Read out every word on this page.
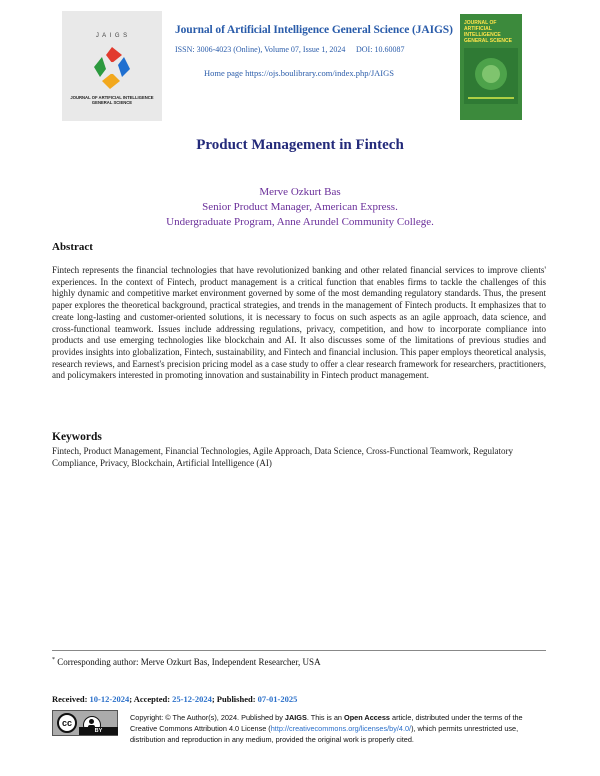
J A I G S
JOURNAL OF ARTIFICIAL INTELLIGENCE GENERAL SCIENCE
Journal of Artificial Intelligence General Science (JAIGS)
ISSN: 3006-4023 (Online), Volume 07, Issue 1, 2024 DOI: 10.60087
Home page https://ojs.boulibrary.com/index.php/JAIGS
JOURNAL OF ARTIFICIAL INTELLIGENCE GENERAL SCIENCE
Product Management in Fintech
Merve Ozkurt Bas
Senior Product Manager, American Express.
Undergraduate Program, Anne Arundel Community College.
Abstract
Fintech represents the financial technologies that have revolutionized banking and other related financial services to improve clients' experiences. In the context of Fintech, product management is a critical function that enables firms to tackle the challenges of this highly dynamic and competitive market environment governed by some of the most demanding regulatory standards. Thus, the present paper explores the theoretical background, practical strategies, and trends in the management of Fintech products. It emphasizes that to create long-lasting and customer-oriented solutions, it is necessary to focus on such aspects as an agile approach, data science, and cross-functional teamwork. Issues include addressing regulations, privacy, competition, and how to incorporate compliance into products and use emerging technologies like blockchain and AI. It also discusses some of the limitations of previous studies and provides insights into globalization, Fintech, sustainability, and Fintech and financial inclusion. This paper employs theoretical analysis, research reviews, and Earnest's precision pricing model as a case study to offer a clear research framework for researchers, practitioners, and policymakers interested in promoting innovation and sustainability in Fintech product management.
Keywords
Fintech, Product Management, Financial Technologies, Agile Approach, Data Science, Cross-Functional Teamwork, Regulatory Compliance, Privacy, Blockchain, Artificial Intelligence (AI)
* Corresponding author: Merve Ozkurt Bas, Independent Researcher, USA
Received: 10-12-2024; Accepted: 25-12-2024; Published: 07-01-2025
cc
BY
Copyright: © The Author(s), 2024. Published by JAIGS. This is an Open Access article, distributed under the terms of the Creative Commons Attribution 4.0 License (http://creativecommons.org/licenses/by/4.0/), which permits unrestricted use, distribution and reproduction in any medium, provided the original work is properly cited.
